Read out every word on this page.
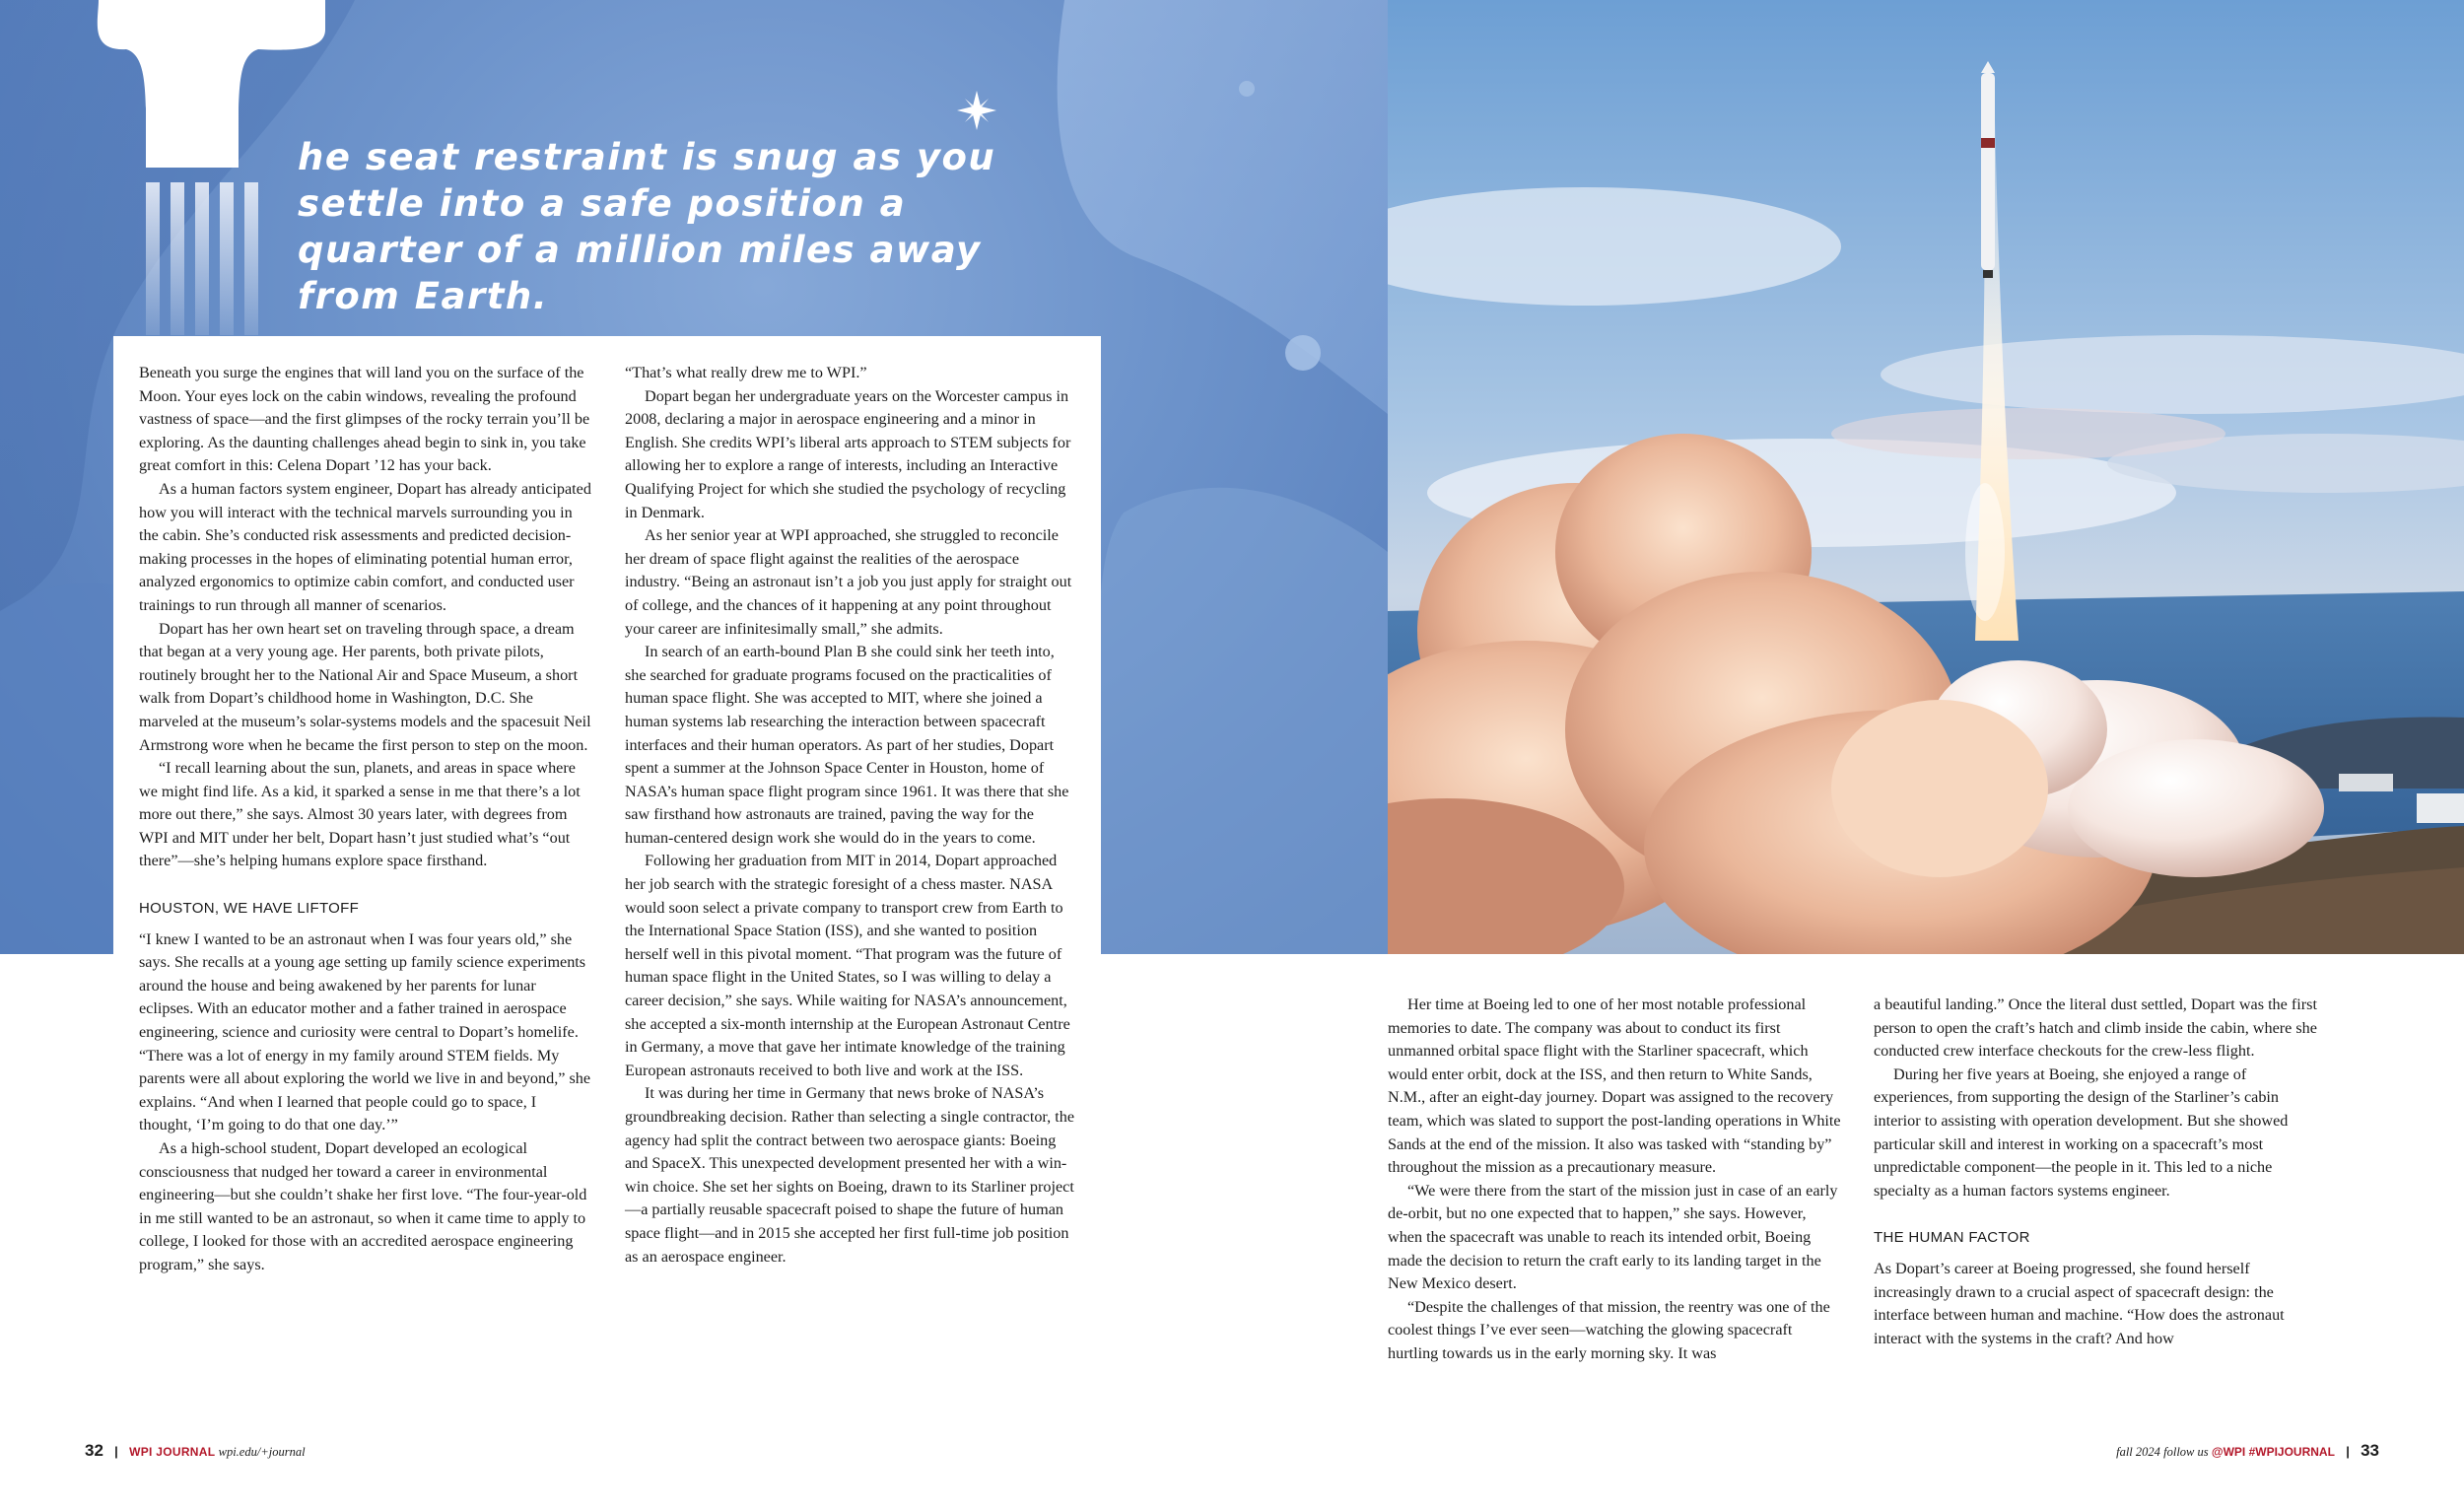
he seat restraint is snug as you settle into a safe position a quarter of a million miles away from Earth.

Beneath you surge the engines that will land you on the surface of the Moon. Your eyes lock on the cabin windows, revealing the profound vastness of space—and the first glimpses of the rocky terrain you’ll be exploring. As the daunting challenges ahead begin to sink in, you take great comfort in this: Celena Dopart ’12 has your back.

As a human factors system engineer, Dopart has already anticipated how you will interact with the technical marvels surrounding you in the cabin. She’s conducted risk assessments and predicted decision-making processes in the hopes of eliminating potential human error, analyzed ergonomics to optimize cabin comfort, and conducted user trainings to run through all manner of scenarios.

Dopart has her own heart set on traveling through space, a dream that began at a very young age. Her parents, both private pilots, routinely brought her to the National Air and Space Museum, a short walk from Dopart’s childhood home in Washington, D.C. She marveled at the museum’s solar-systems models and the spacesuit Neil Armstrong wore when he became the first person to step on the moon.

“I recall learning about the sun, planets, and areas in space where we might find life. As a kid, it sparked a sense in me that there’s a lot more out there,” she says. Almost 30 years later, with degrees from WPI and MIT under her belt, Dopart hasn’t just studied what’s “out there”—she’s helping humans explore space firsthand.

HOUSTON, WE HAVE LIFTOFF

“I knew I wanted to be an astronaut when I was four years old,” she says. She recalls at a young age setting up family science experiments around the house and being awakened by her parents for lunar eclipses. With an educator mother and a father trained in aerospace engineering, science and curiosity were central to Dopart’s homelife. “There was a lot of energy in my family around STEM fields. My parents were all about exploring the world we live in and beyond,” she explains. “And when I learned that people could go to space, I thought, ‘I’m going to do that one day.’”

As a high-school student, Dopart developed an ecological consciousness that nudged her toward a career in environmental engineering—but she couldn’t shake her first love. “The four-year-old in me still wanted to be an astronaut, so when it came time to apply to college, I looked for those with an accredited aerospace engineering program,” she says.

“That’s what really drew me to WPI.”

Dopart began her undergraduate years on the Worcester campus in 2008, declaring a major in aerospace engineering and a minor in English. She credits WPI’s liberal arts approach to STEM subjects for allowing her to explore a range of interests, including an Interactive Qualifying Project for which she studied the psychology of recycling in Denmark.

As her senior year at WPI approached, she struggled to reconcile her dream of space flight against the realities of the aerospace industry. “Being an astronaut isn’t a job you just apply for straight out of college, and the chances of it happening at any point throughout your career are infinitesimally small,” she admits.

In search of an earth-bound Plan B she could sink her teeth into, she searched for graduate programs focused on the practicalities of human space flight. She was accepted to MIT, where she joined a human systems lab researching the interaction between spacecraft interfaces and their human operators. As part of her studies, Dopart spent a summer at the Johnson Space Center in Houston, home of NASA’s human space flight program since 1961. It was there that she saw firsthand how astronauts are trained, paving the way for the human-centered design work she would do in the years to come.

Following her graduation from MIT in 2014, Dopart approached her job search with the strategic foresight of a chess master. NASA would soon select a private company to transport crew from Earth to the International Space Station (ISS), and she wanted to position herself well in this pivotal moment. “That program was the future of human space flight in the United States, so I was willing to delay a career decision,” she says. While waiting for NASA’s announcement, she accepted a six-month internship at the European Astronaut Centre in Germany, a move that gave her intimate knowledge of the training European astronauts received to both live and work at the ISS.

It was during her time in Germany that news broke of NASA’s groundbreaking decision. Rather than selecting a single contractor, the agency had split the contract between two aerospace giants: Boeing and SpaceX. This unexpected development presented her with a win-win choice. She set her sights on Boeing, drawn to its Starliner project—a partially reusable spacecraft poised to shape the future of human space flight—and in 2015 she accepted her first full-time job position as an aerospace engineer.

Her time at Boeing led to one of her most notable professional memories to date. The company was about to conduct its first unmanned orbital space flight with the Starliner spacecraft, which would enter orbit, dock at the ISS, and then return to White Sands, N.M., after an eight-day journey. Dopart was assigned to the recovery team, which was slated to support the post-landing operations in White Sands at the end of the mission. It also was tasked with “standing by” throughout the mission as a precautionary measure.

“We were there from the start of the mission just in case of an early de-orbit, but no one expected that to happen,” she says. However, when the spacecraft was unable to reach its intended orbit, Boeing made the decision to return the craft early to its landing target in the New Mexico desert.

“Despite the challenges of that mission, the reentry was one of the coolest things I’ve ever seen—watching the glowing spacecraft hurtling towards us in the early morning sky. It was

a beautiful landing.” Once the literal dust settled, Dopart was the first person to open the craft’s hatch and climb inside the cabin, where she conducted crew interface checkouts for the crew-less flight.

During her five years at Boeing, she enjoyed a range of experiences, from supporting the design of the Starliner’s cabin interior to assisting with operation development. But she showed particular skill and interest in working on a spacecraft’s most unpredictable component—the people in it. This led to a niche specialty as a human factors systems engineer.

THE HUMAN FACTOR

As Dopart’s career at Boeing progressed, she found herself increasingly drawn to a crucial aspect of spacecraft design: the interface between human and machine. “How does the astronaut interact with the systems in the craft? And how

32 | WPI JOURNAL wpi.edu/+journal	fall 2024 follow us @WPI #WPIJOURNAL | 33
